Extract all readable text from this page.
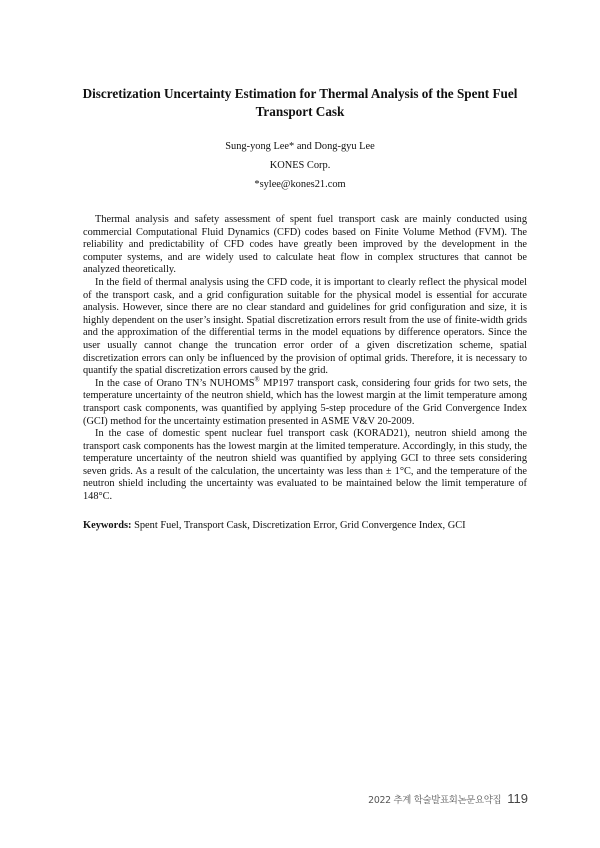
Discretization Uncertainty Estimation for Thermal Analysis of the Spent Fuel Transport Cask
Sung-yong Lee* and Dong-gyu Lee
KONES Corp.
*sylee@kones21.com

Thermal analysis and safety assessment of spent fuel transport cask are mainly conducted using commercial Computational Fluid Dynamics (CFD) codes based on Finite Volume Method (FVM). The reliability and predictability of CFD codes have greatly been improved by the development in the computer systems, and are widely used to calculate heat flow in complex structures that cannot be analyzed theoretically.

In the field of thermal analysis using the CFD code, it is important to clearly reflect the physical model of the transport cask, and a grid configuration suitable for the physical model is essential for accurate analysis. However, since there are no clear standard and guidelines for grid configuration and size, it is highly dependent on the user’s insight. Spatial discretization errors result from the use of finite-width grids and the approximation of the differential terms in the model equations by difference operators. Since the user usually cannot change the truncation error order of a given discretization scheme, spatial discretization errors can only be influenced by the provision of optimal grids. Therefore, it is necessary to quantify the spatial discretization errors caused by the grid.

In the case of Orano TN’s NUHOMS® MP197 transport cask, considering four grids for two sets, the temperature uncertainty of the neutron shield, which has the lowest margin at the limit temperature among transport cask components, was quantified by applying 5-step procedure of the Grid Convergence Index (GCI) method for the uncertainty estimation presented in ASME V&V 20-2009.

In the case of domestic spent nuclear fuel transport cask (KORAD21), neutron shield among the transport cask components has the lowest margin at the limited temperature. Accordingly, in this study, the temperature uncertainty of the neutron shield was quantified by applying GCI to three sets considering seven grids. As a result of the calculation, the uncertainty was less than ± 1°C, and the temperature of the neutron shield including the uncertainty was evaluated to be maintained below the limit temperature of 148°C.

Keywords: Spent Fuel, Transport Cask, Discretization Error, Grid Convergence Index, GCI
2022 추계 학술발표회논문요약집 119
